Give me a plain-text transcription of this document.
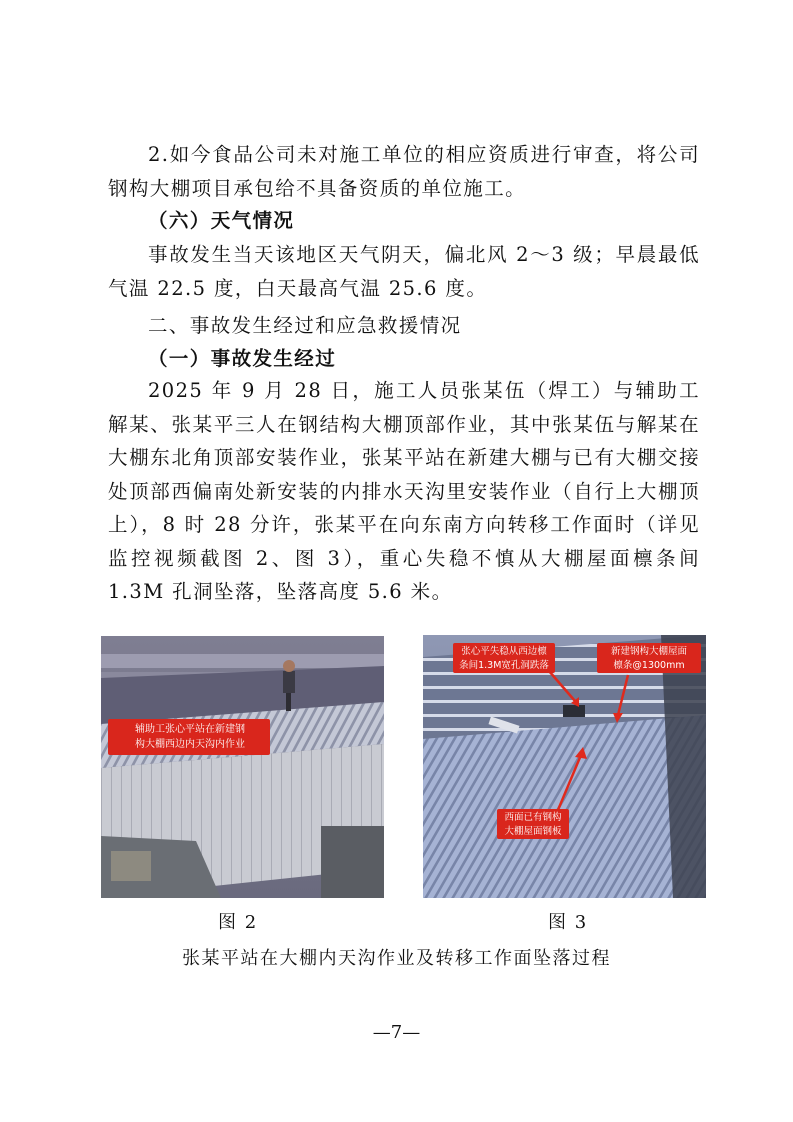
2.如今食品公司未对施工单位的相应资质进行审查，将公司钢构大棚项目承包给不具备资质的单位施工。

（六）天气情况

事故发生当天该地区天气阴天，偏北风 2～3 级；早晨最低气温 22.5 度，白天最高气温 25.6 度。

二、事故发生经过和应急救援情况

（一）事故发生经过

2025 年 9 月 28 日，施工人员张某伍（焊工）与辅助工解某、张某平三人在钢结构大棚顶部作业，其中张某伍与解某在大棚东北角顶部安装作业，张某平站在新建大棚与已有大棚交接处顶部西偏南处新安装的内排水天沟里安装作业（自行上大棚顶上），8 时 28 分许，张某平在向东南方向转移工作面时（详见监控视频截图 2、图 3），重心失稳不慎从大棚屋面檩条间 1.3M 孔洞坠落，坠落高度 5.6 米。

辅助工张心平站在新建钢
构大棚西边内天沟内作业
张心平失稳从西边檩
条间1.3M宽孔洞跌落
新建钢构大棚屋面
檩条@1300mm
西面已有钢构
大棚屋面钢板
图 2	图 3
张某平站在大棚内天沟作业及转移工作面坠落过程
—7—
